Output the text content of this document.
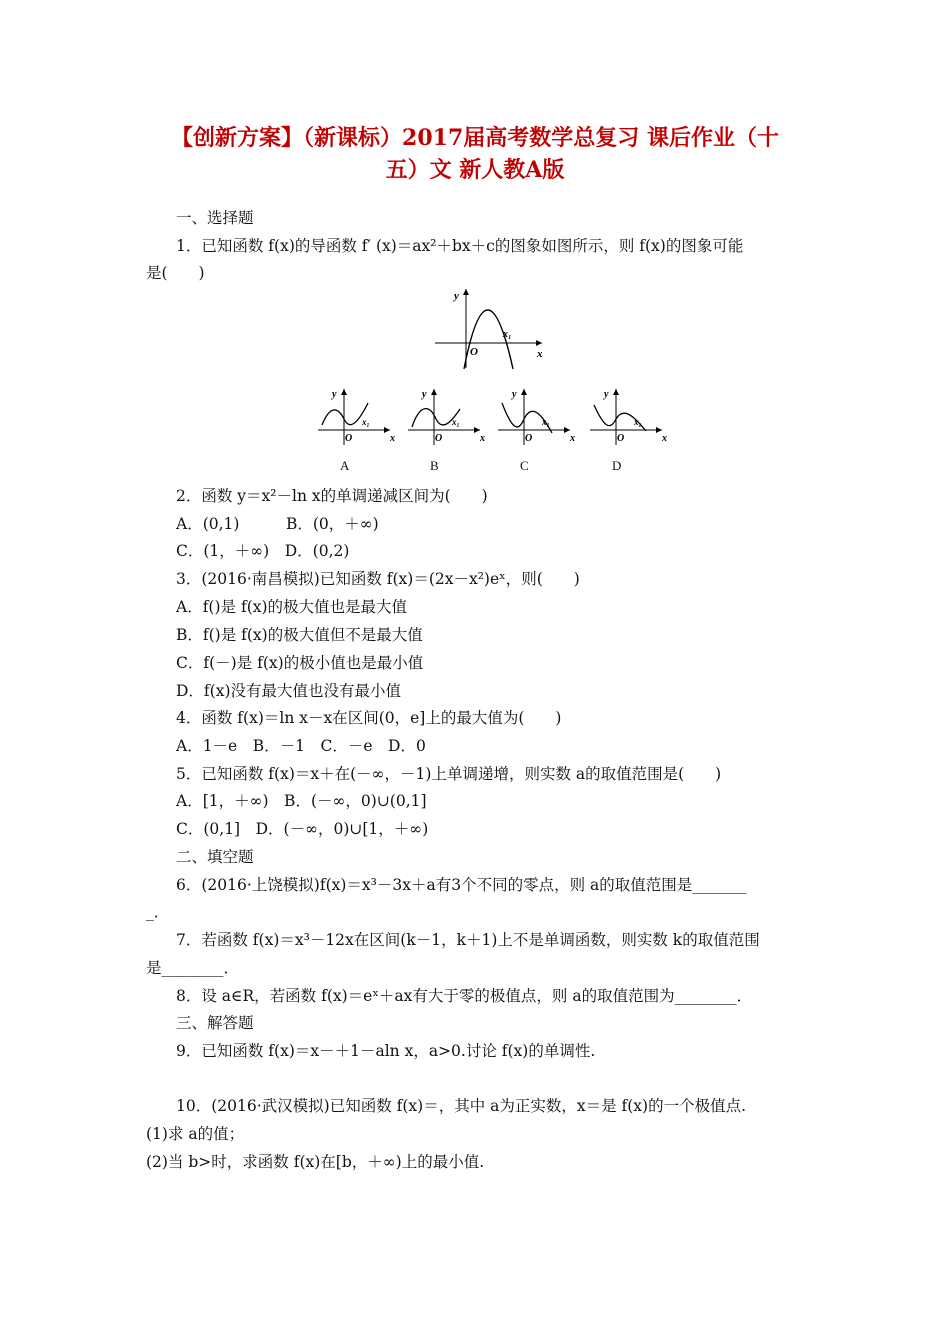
【创新方案】（新课标）2017届高考数学总复习 课后作业（十
五）文 新人教A版
一、选择题
1．已知函数 f(x)的导函数 f′ (x)＝ax²＋bx＋c的图象如图所示，则 f(x)的图象可能
是(　　)
2．函数 y＝x²－ln x的单调递减区间为(　　)
A．(0,1)　　　B．(0，＋∞)
C．(1，＋∞)　D．(0,2)
3．(2016·南昌模拟)已知函数 f(x)＝(2x－x²)eˣ，则(　　)
A．f()是 f(x)的极大值也是最大值
B．f()是 f(x)的极大值但不是最大值
C．f(－)是 f(x)的极小值也是最小值
D．f(x)没有最大值也没有最小值
4．函数 f(x)＝ln x－x在区间(0，e]上的最大值为(　　)
A．1－e　B．－1　C．－e　D．0
5．已知函数 f(x)＝x＋在(－∞，－1)上单调递增，则实数 a的取值范围是(　　)
A．[1，＋∞)　B．(－∞，0)∪(0,1]
C．(0,1]　D．(－∞，0)∪[1，＋∞)
二、填空题
6．(2016·上饶模拟)f(x)＝x³－3x＋a有3个不同的零点，则 a的取值范围是_______
_．
7．若函数 f(x)＝x³－12x在区间(k－1，k＋1)上不是单调函数，则实数 k的取值范围
是________．
8．设 a∈R，若函数 f(x)＝eˣ＋ax有大于零的极值点，则 a的取值范围为________．
三、解答题
9．已知函数 f(x)＝x－＋1－aln x，a>0.讨论 f(x)的单调性.
10．(2016·武汉模拟)已知函数 f(x)＝，其中 a为正实数，x＝是 f(x)的一个极值点.
(1)求 a的值；
(2)当 b>时，求函数 f(x)在[b，＋∞)上的最小值.
y
x
O
x₁
y
x
O
x₁
A
y
x
O
x₁
B
y
x
O
x₁
C
y
x
O
x₁
D
